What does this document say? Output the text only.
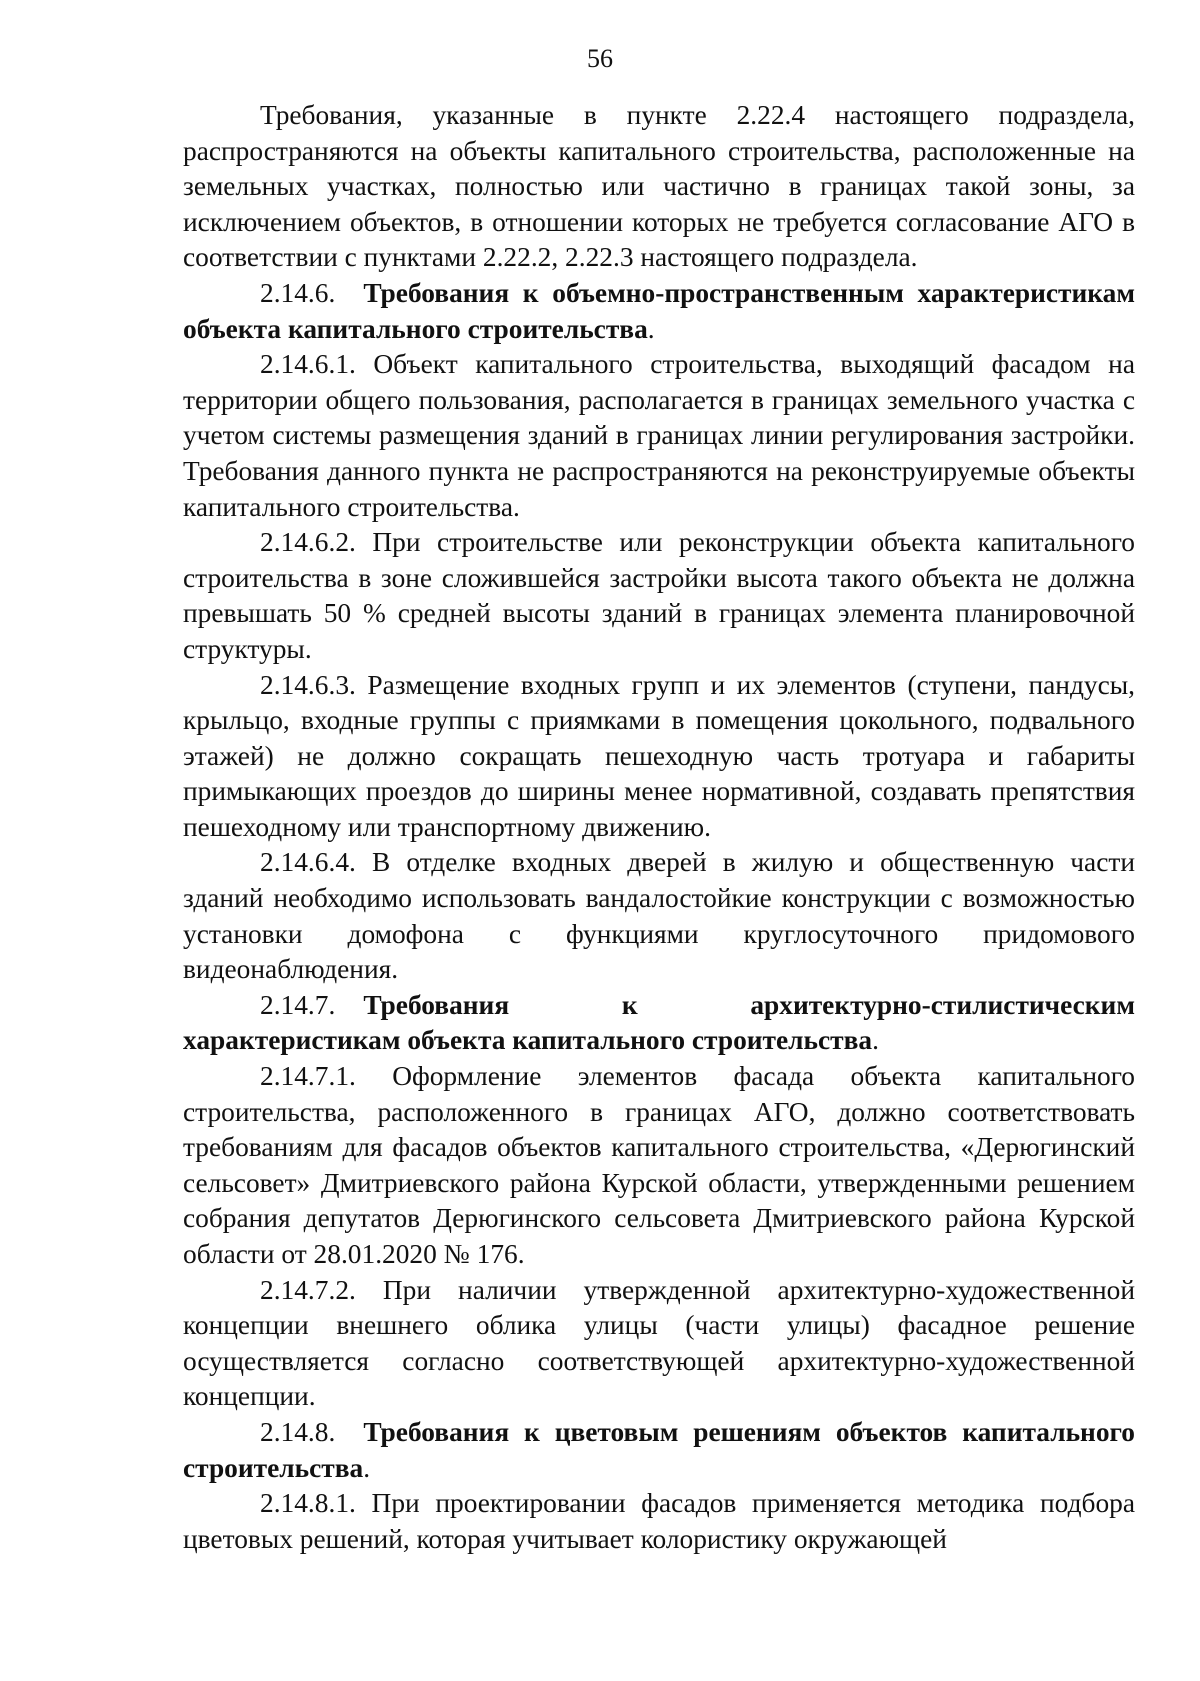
56

Требования, указанные в пункте 2.22.4 настоящего подраздела, распространяются на объекты капитального строительства, расположенные на земельных участках, полностью или частично в границах такой зоны, за исключением объектов, в отношении которых не требуется согласование АГО в соответствии с пунктами 2.22.2, 2.22.3 настоящего подраздела.

2.14.6. Требования к объемно-пространственным характеристикам объекта капитального строительства.

2.14.6.1. Объект капитального строительства, выходящий фасадом на территории общего пользования, располагается в границах земельного участка с учетом системы размещения зданий в границах линии регулирования застройки. Требования данного пункта не распространяются на реконструируемые объекты капитального строительства.

2.14.6.2. При строительстве или реконструкции объекта капитального строительства в зоне сложившейся застройки высота такого объекта не должна превышать 50 % средней высоты зданий в границах элемента планировочной структуры.

2.14.6.3. Размещение входных групп и их элементов (ступени, пандусы, крыльцо, входные группы с приямками в помещения цокольного, подвального этажей) не должно сокращать пешеходную часть тротуара и габариты примыкающих проездов до ширины менее нормативной, создавать препятствия пешеходному или транспортному движению.

2.14.6.4. В отделке входных дверей в жилую и общественную части зданий необходимо использовать вандалостойкие конструкции с возможностью установки домофона с функциями круглосуточного придомового видеонаблюдения.

2.14.7. Требования к архитектурно-стилистическим характеристикам объекта капитального строительства.

2.14.7.1. Оформление элементов фасада объекта капитального строительства, расположенного в границах АГО, должно соответствовать требованиям для фасадов объектов капитального строительства, «Дерюгинский сельсовет» Дмитриевского района Курской области, утвержденными решением собрания депутатов Дерюгинского сельсовета Дмитриевского района Курской области от 28.01.2020 № 176.

2.14.7.2. При наличии утвержденной архитектурно-художественной концепции внешнего облика улицы (части улицы) фасадное решение осуществляется согласно соответствующей архитектурно-художественной концепции.

2.14.8. Требования к цветовым решениям объектов капитального строительства.

2.14.8.1. При проектировании фасадов применяется методика подбора цветовых решений, которая учитывает колористику окружающей
